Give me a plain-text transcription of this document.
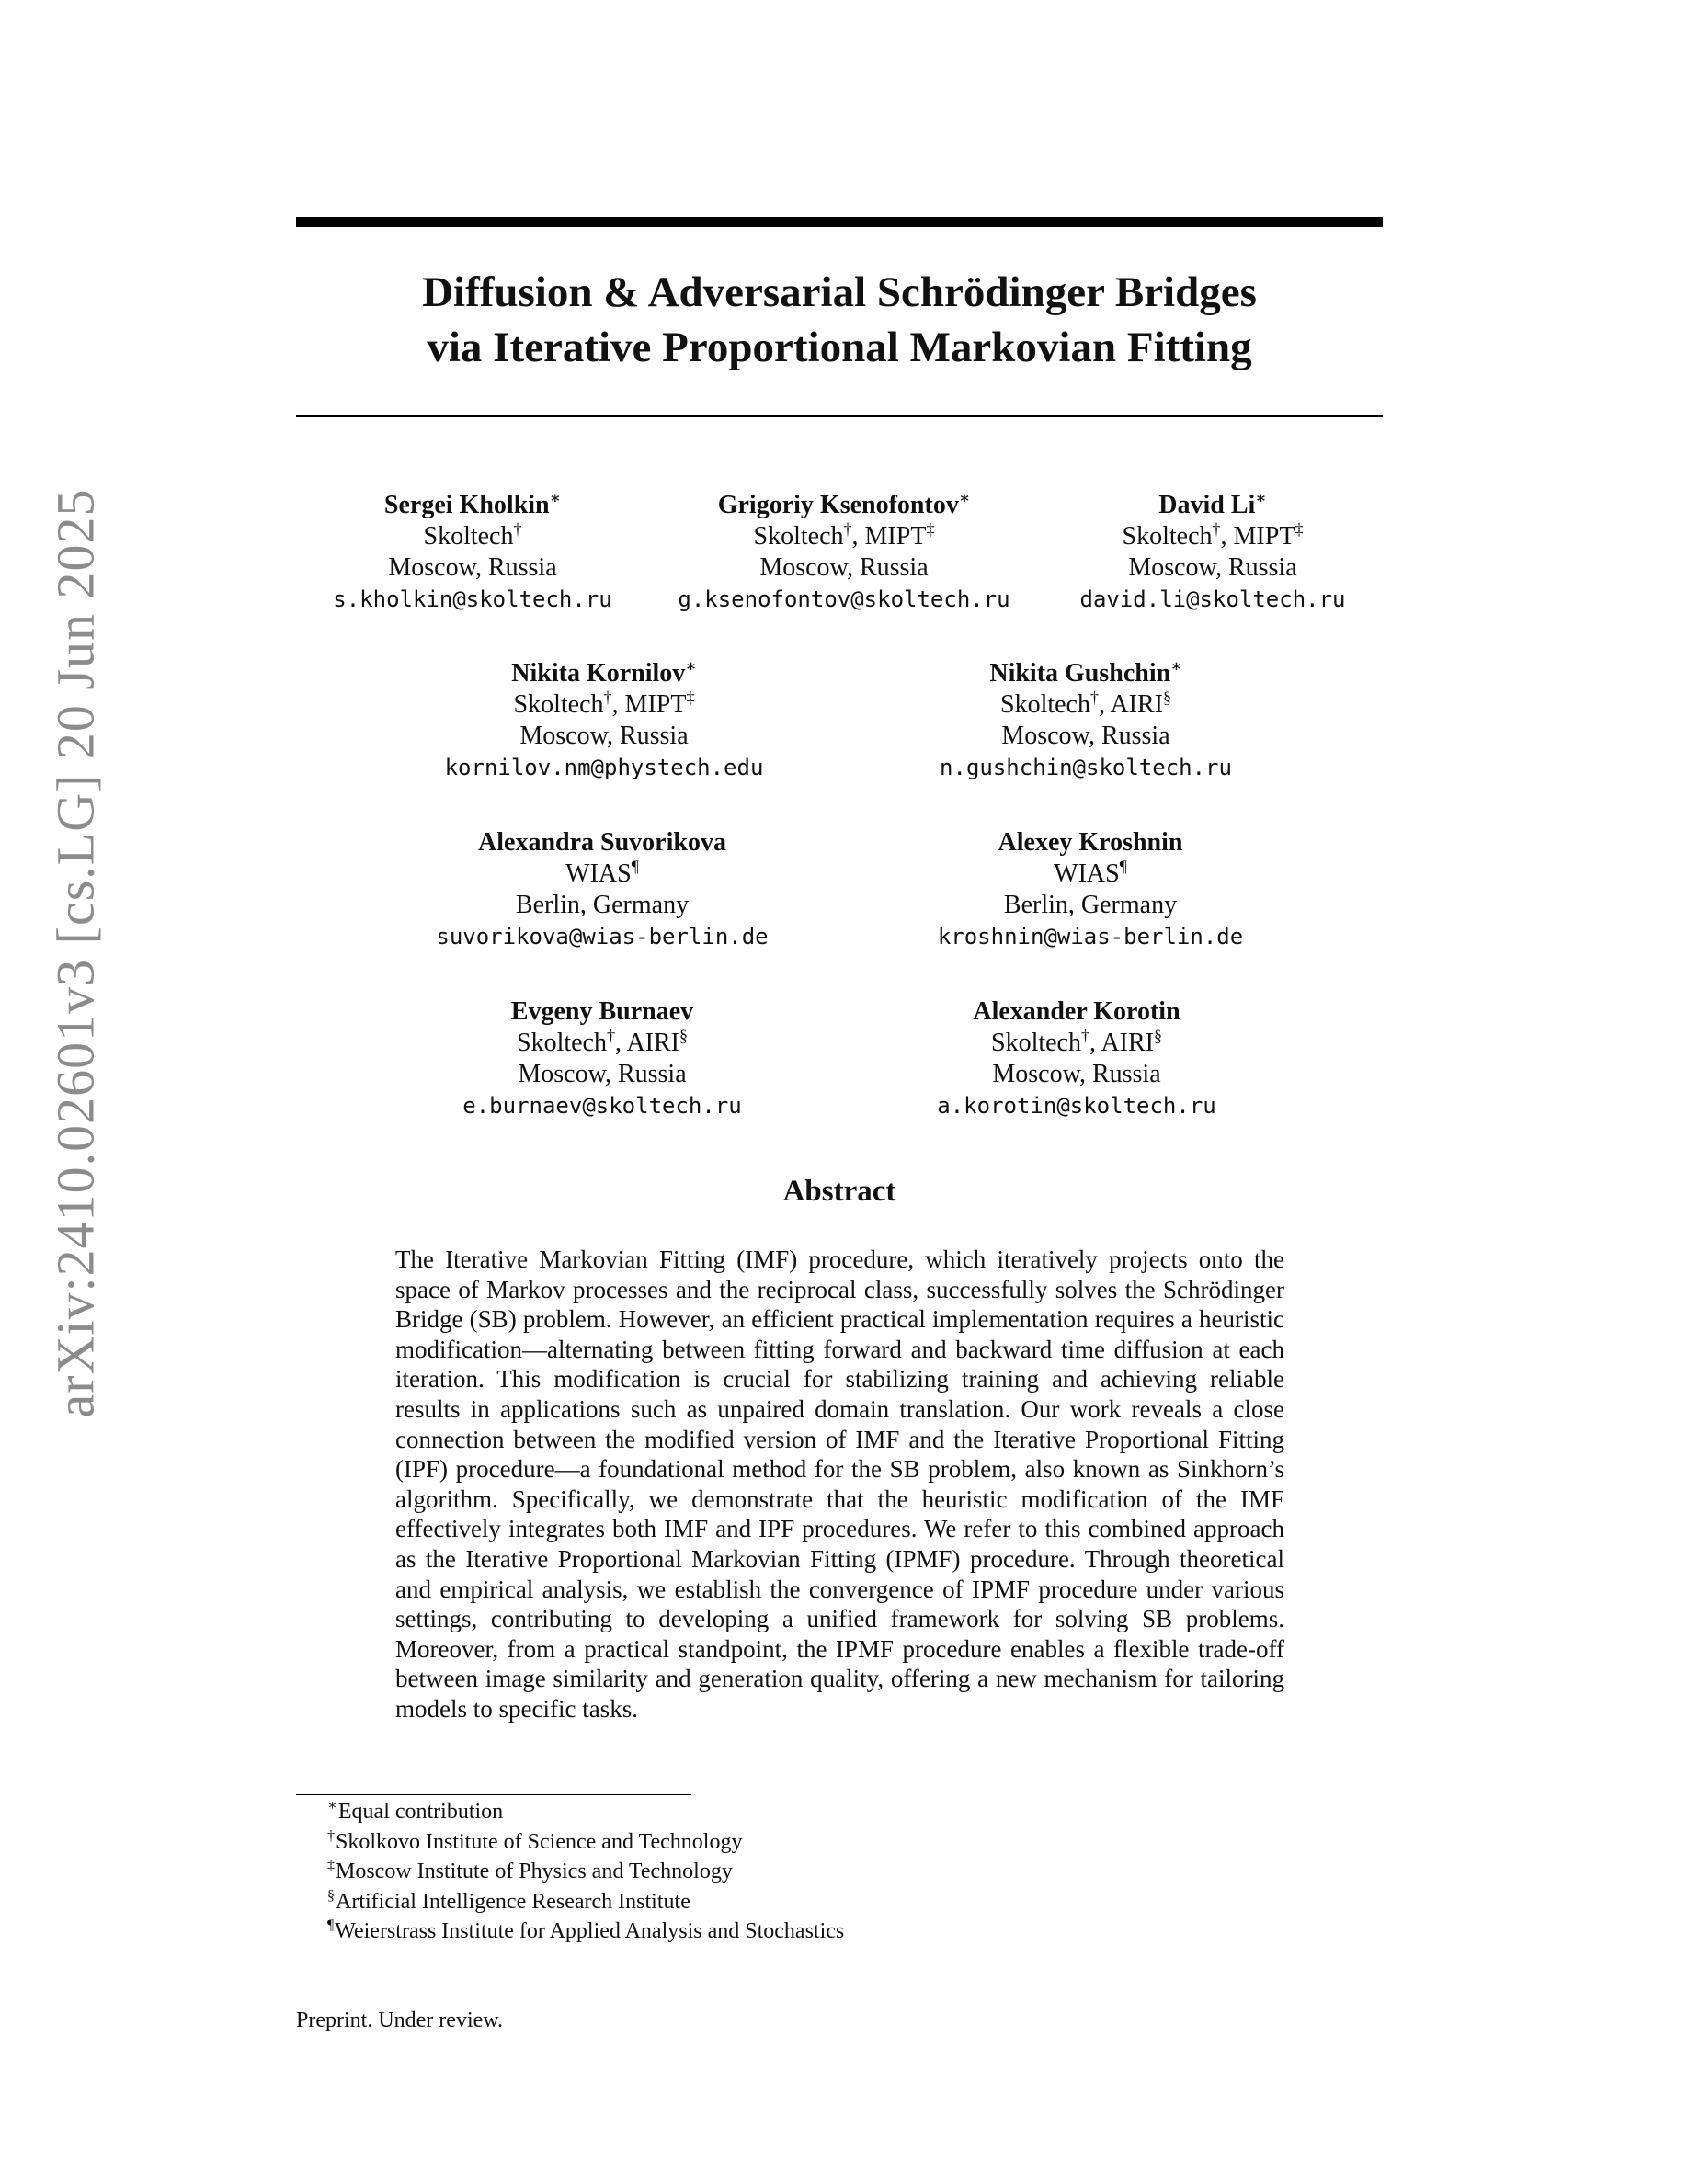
arXiv:2410.02601v3 [cs.LG] 20 Jun 2025
Diffusion & Adversarial Schrödinger Bridges
via Iterative Proportional Markovian Fitting
Sergei Kholkin∗
Skoltech†
Moscow, Russia
s.kholkin@skoltech.ru
Grigoriy Ksenofontov∗
Skoltech†, MIPT‡
Moscow, Russia
g.ksenofontov@skoltech.ru
David Li∗
Skoltech†, MIPT‡
Moscow, Russia
david.li@skoltech.ru
Nikita Kornilov∗
Skoltech†, MIPT‡
Moscow, Russia
kornilov.nm@phystech.edu
Nikita Gushchin∗
Skoltech†, AIRI§
Moscow, Russia
n.gushchin@skoltech.ru
Alexandra Suvorikova
WIAS¶
Berlin, Germany
suvorikova@wias-berlin.de
Alexey Kroshnin
WIAS¶
Berlin, Germany
kroshnin@wias-berlin.de
Evgeny Burnaev
Skoltech†, AIRI§
Moscow, Russia
e.burnaev@skoltech.ru
Alexander Korotin
Skoltech†, AIRI§
Moscow, Russia
a.korotin@skoltech.ru
Abstract
The Iterative Markovian Fitting (IMF) procedure, which iteratively projects onto the space of Markov processes and the reciprocal class, successfully solves the Schrödinger Bridge (SB) problem. However, an efficient practical implementation requires a heuristic modification—alternating between fitting forward and backward time diffusion at each iteration. This modification is crucial for stabilizing training and achieving reliable results in applications such as unpaired domain translation. Our work reveals a close connection between the modified version of IMF and the Iterative Proportional Fitting (IPF) procedure—a foundational method for the SB problem, also known as Sinkhorn’s algorithm. Specifically, we demonstrate that the heuristic modification of the IMF effectively integrates both IMF and IPF procedures. We refer to this combined approach as the Iterative Proportional Markovian Fitting (IPMF) procedure. Through theoretical and empirical analysis, we establish the convergence of IPMF procedure under various settings, contributing to developing a unified framework for solving SB problems. Moreover, from a practical standpoint, the IPMF procedure enables a flexible trade-off between image similarity and generation quality, offering a new mechanism for tailoring models to specific tasks.
∗Equal contribution
†Skolkovo Institute of Science and Technology
‡Moscow Institute of Physics and Technology
§Artificial Intelligence Research Institute
¶Weierstrass Institute for Applied Analysis and Stochastics
Preprint. Under review.
